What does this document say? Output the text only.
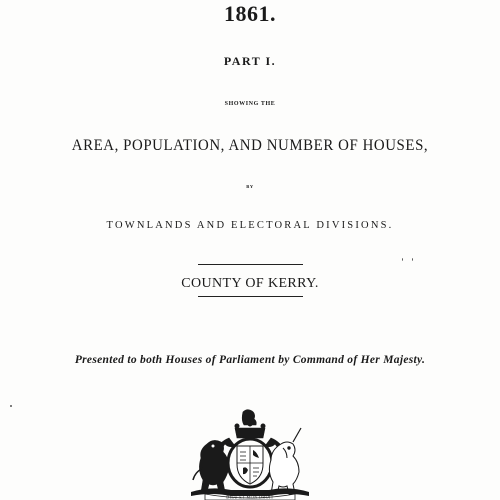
1861.
PART I.
SHOWING THE
AREA, POPULATION, AND NUMBER OF HOUSES,
BY
TOWNLANDS AND ELECTORAL DIVISIONS.
COUNTY OF KERRY.
Presented to both Houses of Parliament by Command of Her Majesty.
DIEU ET MON DROIT
